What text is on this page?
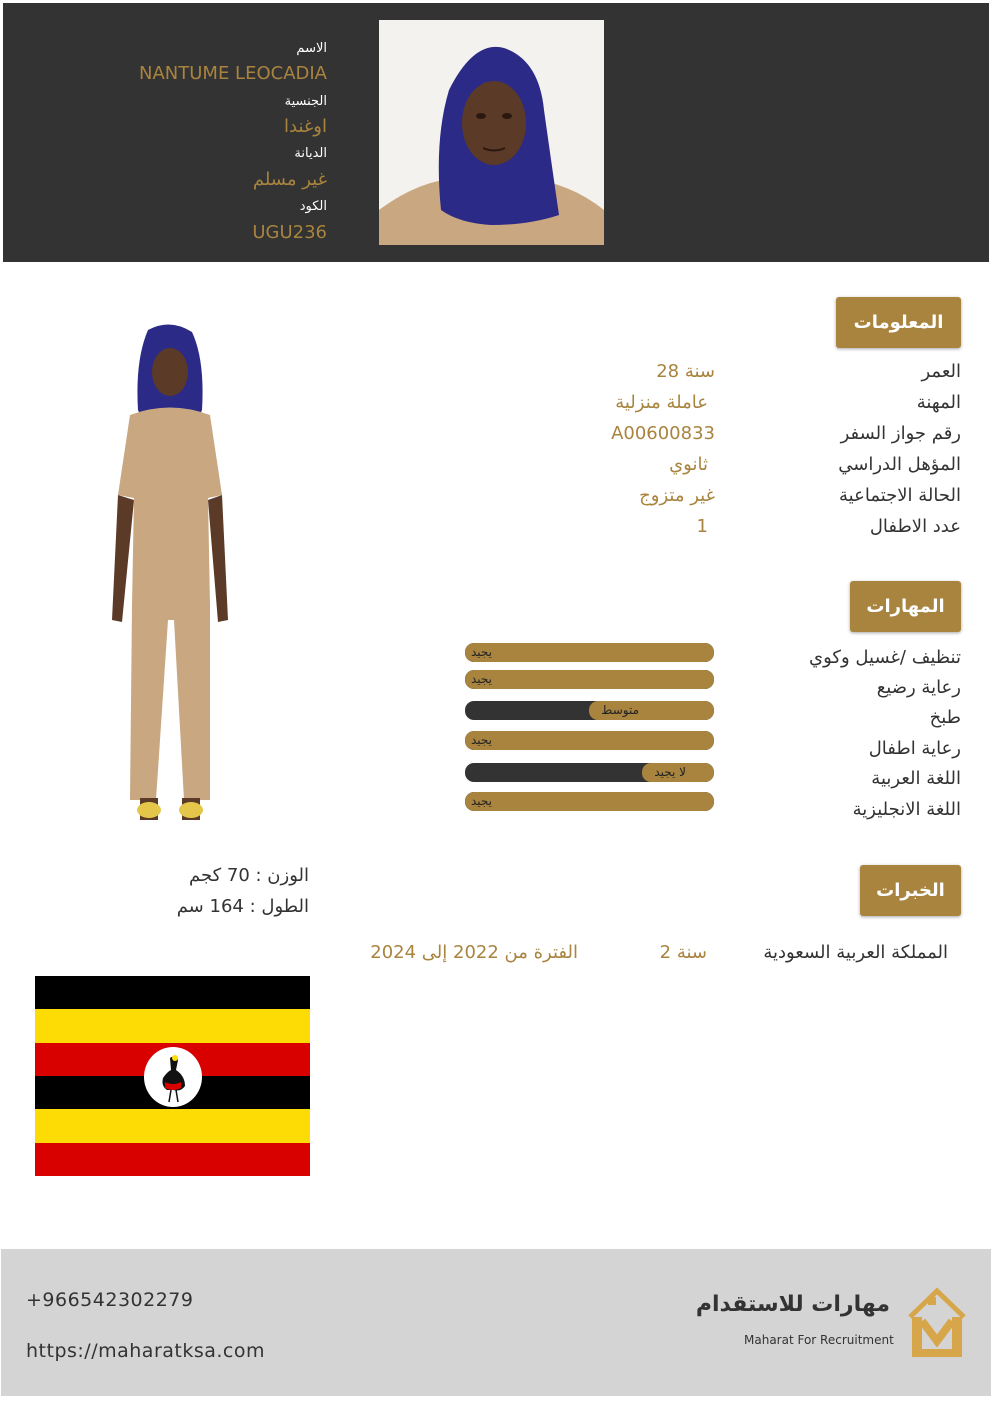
الاسم
NANTUME LEOCADIA
الجنسية
اوغندا
الديانة
غير مسلم
الكود
UGU236
المعلومات
العمر
28 سنة
المهنة
عاملة منزلية
رقم جواز السفر
A00600833
المؤهل الدراسي
ثانوي
الحالة الاجتماعية
غير متزوج
عدد الاطفال
1
المهارات
تنظيف /غسيل وكوي
رعاية رضيع
طبخ
رعاية اطفال
اللغة العربية
اللغة الانجليزية
يجيد
يجيد
متوسط
يجيد
لا يجيد
يجيد
الوزن : 70 كجم
الطول : 164 سم
الخبرات
المملكة العربية السعودية
2 سنة
الفترة من 2022 إلى 2024
+966542302279
https://maharatksa.com
مهارات للاستقدام
Maharat For Recruitment
